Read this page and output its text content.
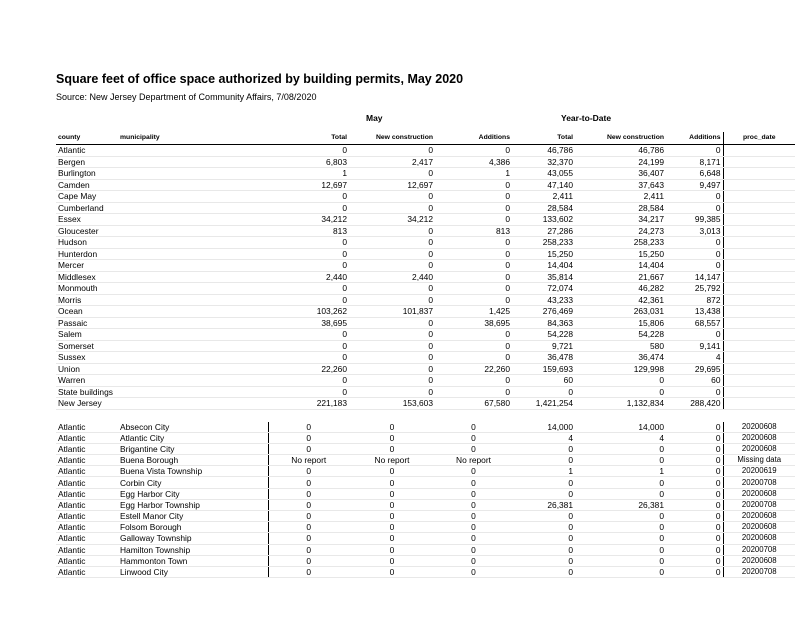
Square feet of office space authorized by building permits, May 2020
Source: New Jersey Department of Community Affairs, 7/08/2020
May	Year-to-Date
county	municipality	Total	New construction	Additions	Total	New construction	Additions	proc_date
Atlantic		0	0	0	46,786	46,786	0	
Bergen		6,803	2,417	4,386	32,370	24,199	8,171	
Burlington		1	0	1	43,055	36,407	6,648	
Camden		12,697	12,697	0	47,140	37,643	9,497	
Cape May		0	0	0	2,411	2,411	0	
Cumberland		0	0	0	28,584	28,584	0	
Essex		34,212	34,212	0	133,602	34,217	99,385	
Gloucester		813	0	813	27,286	24,273	3,013	
Hudson		0	0	0	258,233	258,233	0	
Hunterdon		0	0	0	15,250	15,250	0	
Mercer		0	0	0	14,404	14,404	0	
Middlesex		2,440	2,440	0	35,814	21,667	14,147	
Monmouth		0	0	0	72,074	46,282	25,792	
Morris		0	0	0	43,233	42,361	872	
Ocean		103,262	101,837	1,425	276,469	263,031	13,438	
Passaic		38,695	0	38,695	84,363	15,806	68,557	
Salem		0	0	0	54,228	54,228	0	
Somerset		0	0	0	9,721	580	9,141	
Sussex		0	0	0	36,478	36,474	4	
Union		22,260	0	22,260	159,693	129,998	29,695	
Warren		0	0	0	60	0	60	
State buildings		0	0	0	0	0	0	
New Jersey		221,183	153,603	67,580	1,421,254	1,132,834	288,420	

Atlantic	Absecon City	0	0	0	14,000	14,000	0	20200608
Atlantic	Atlantic City	0	0	0	4	4	0	20200608
Atlantic	Brigantine City	0	0	0	0	0	0	20200608
Atlantic	Buena Borough	No report	No report	No report	0	0	0	Missing data
Atlantic	Buena Vista Township	0	0	0	1	1	0	20200619
Atlantic	Corbin City	0	0	0	0	0	0	20200708
Atlantic	Egg Harbor City	0	0	0	0	0	0	20200608
Atlantic	Egg Harbor Township	0	0	0	26,381	26,381	0	20200708
Atlantic	Estell Manor City	0	0	0	0	0	0	20200608
Atlantic	Folsom Borough	0	0	0	0	0	0	20200608
Atlantic	Galloway Township	0	0	0	0	0	0	20200608
Atlantic	Hamilton Township	0	0	0	0	0	0	20200708
Atlantic	Hammonton Town	0	0	0	0	0	0	20200608
Atlantic	Linwood City	0	0	0	0	0	0	20200708
